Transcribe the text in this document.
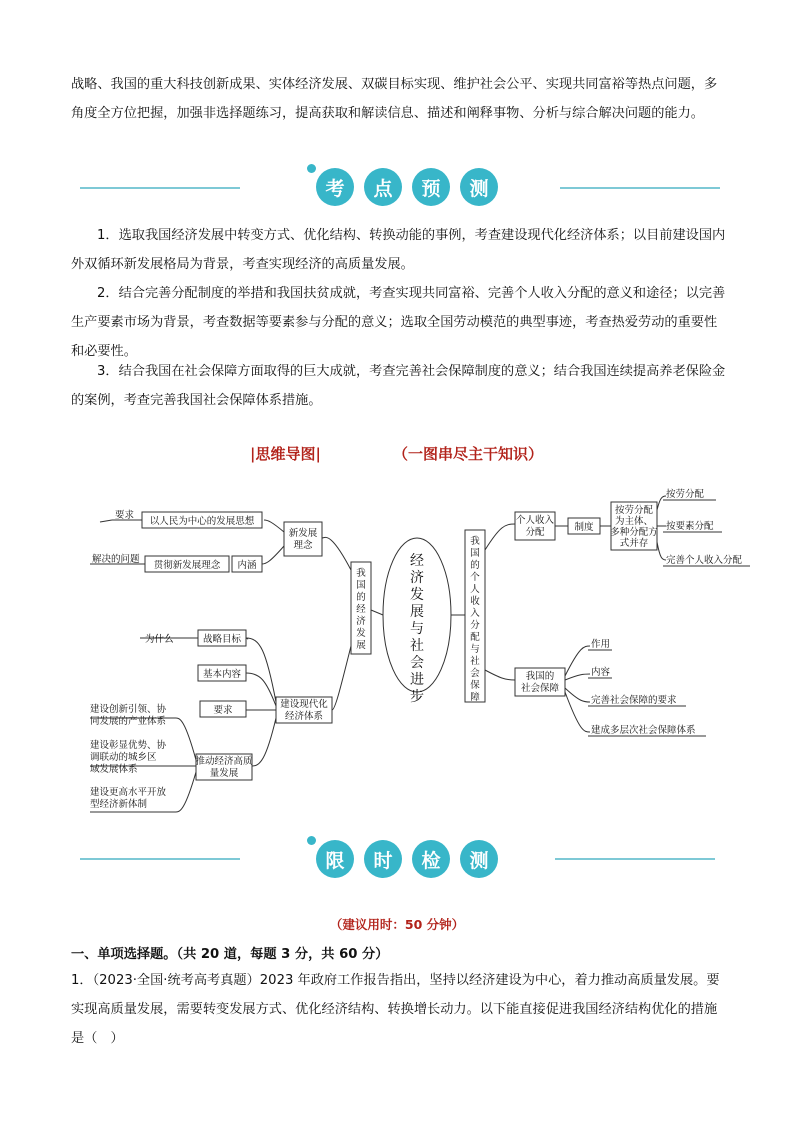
战略、我国的重大科技创新成果、实体经济发展、双碳目标实现、维护社会公平、实现共同富裕等热点问题，多角度全方位把握，加强非选择题练习，提高获取和解读信息、描述和阐释事物、分析与综合解决问题的能力。

考	点	预	测

1．选取我国经济发展中转变方式、优化结构、转换动能的事例，考查建设现代化经济体系；以目前建设国内外双循环新发展格局为背景，考查实现经济的高质量发展。

2．结合完善分配制度的举措和我国扶贫成就，考查实现共同富裕、完善个人收入分配的意义和途径；以完善生产要素市场为背景，考查数据等要素参与分配的意义；选取全国劳动模范的典型事迹，考查热爱劳动的重要性和必要性。

3．结合我国在社会保障方面取得的巨大成就，考查完善社会保障制度的意义；结合我国连续提高养老保险金的案例，考查完善我国社会保障体系措施。

|思维导图|	（一图串尽主干知识）
经济发展与社会进步
我国的经济发展
我国的个人收入分配与社会保障
新发展理念
要求
以人民为中心的发展思想
解决的问题
贯彻新发展理念 内涵
建设现代化经济体系
为什么	战略目标
基本内容
要求
推动经济高质量发展
建设创新引领、协同发展的产业体系
建设彰显优势、协调联动的城乡区域发展体系
建设更高水平开放型经济新体制
个人收入分配	制度
按劳分配为主体、多种分配方式并存
按劳分配
按要素分配
完善个人收入分配
我国的社会保障
作用
内容
完善社会保障的要求
建成多层次社会保障体系
限	时	检	测
（建议用时：50 分钟）
一、单项选择题。（共 20 道，每题 3 分，共 60 分）

1．（2023·全国·统考高考真题）2023 年政府工作报告指出，坚持以经济建设为中心，着力推动高质量发展。要实现高质量发展，需要转变发展方式、优化经济结构、转换增长动力。以下能直接促进我国经济结构优化的措施是（　）
